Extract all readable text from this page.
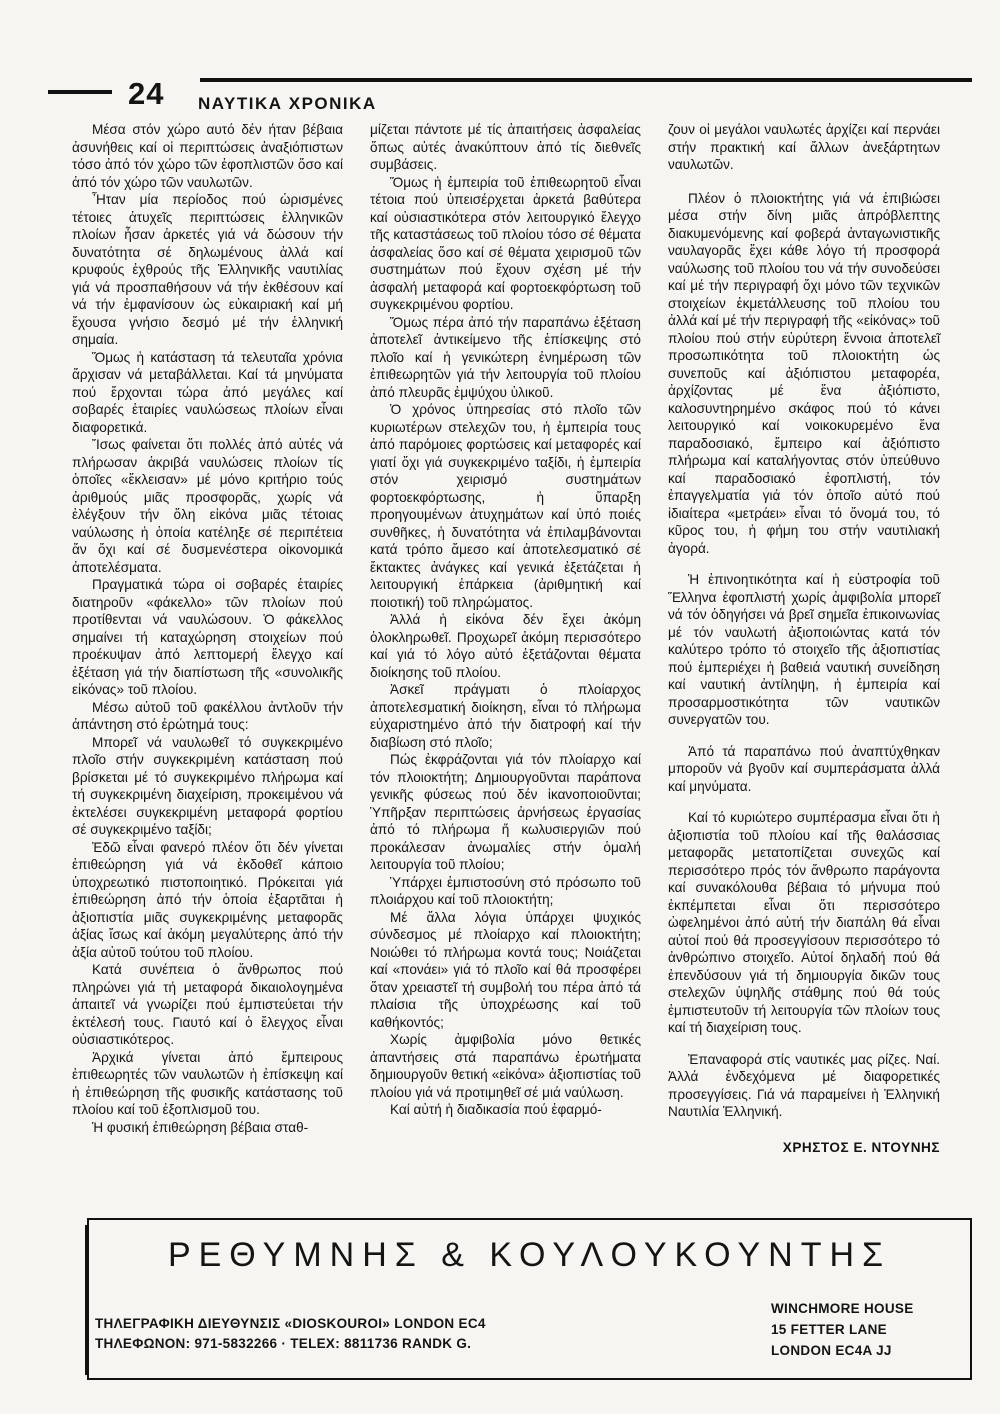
24 ΝΑΥΤΙΚΑ ΧΡΟΝΙΚΑ

Μέσα στόν χώρο αυτό δέν ήταν βέβαια ἀσυνήθεις καί οἱ περιπτώσεις ἀναξιόπιστων τόσο ἀπό τόν χώρο τῶν ἐφοπλιστῶν ὅσο καί ἀπό τόν χώρο τῶν ναυλωτῶν.

Ἦταν μία περίοδος πού ὡρισμένες τέτοιες ἀτυχεῖς περιπτώσεις ἑλληνικῶν πλοίων ἦσαν ἀρκετές γιά νά δώσουν τήν δυνατότητα σέ δηλωμένους ἀλλά καί κρυφούς ἐχθρούς τῆς Ἑλληνικῆς ναυτιλίας γιά νά προσπαθήσουν νά τήν ἐκθέσουν καί νά τήν ἐμφανίσουν ὡς εὐκαιριακή καί μή ἔχουσα γνήσιο δεσμό μέ τήν ἑλληνική σημαία.

Ὅμως ἡ κατάσταση τά τελευταῖα χρόνια ἄρχισαν νά μεταβάλλεται. Καί τά μηνύματα πού ἔρχονται τώρα ἀπό μεγάλες καί σοβαρές ἑταιρίες ναυλώσεως πλοίων εἶναι διαφορετικά.

Ἴσως φαίνεται ὅτι πολλές ἀπό αὐτές νά πλήρωσαν ἀκριβά ναυλώσεις πλοίων τίς ὁποῖες «ἔκλεισαν» μέ μόνο κριτήριο τούς ἀριθμούς μιᾶς προσφορᾶς, χωρίς νά ἐλέγξουν τήν ὅλη εἰκόνα μιᾶς τέτοιας ναύλωσης ἡ ὁποία κατέληξε σέ περιπέτεια ἄν ὄχι καί σέ δυσμενέστερα οἰκονομικά ἀποτελέσματα.

Πραγματικά τώρα οἱ σοβαρές ἑταιρίες διατηροῦν «φάκελλο» τῶν πλοίων πού προτίθενται νά ναυλώσουν. Ὁ φάκελλος σημαίνει τή καταχώρηση στοιχείων πού προέκυψαν ἀπό λεπτομερή ἔλεγχο καί ἐξέταση γιά τήν διαπίστωση τῆς «συνολικῆς εἰκόνας» τοῦ πλοίου.

Μέσω αὐτοῦ τοῦ φακέλλου ἀντλοῦν τήν ἀπάντηση στό ἐρώτημά τους:

Μπορεῖ νά ναυλωθεῖ τό συγκεκριμένο πλοῖο στήν συγκεκριμένη κατάσταση πού βρίσκεται μέ τό συγκεκριμένο πλήρωμα καί τή συγκεκριμένη διαχείριση, προκειμένου νά ἐκτελέσει συγκεκριμένη μεταφορά φορτίου σέ συγκεκριμένο ταξίδι;

Ἐδῶ εἶναι φανερό πλέον ὅτι δέν γίνεται ἐπιθεώρηση γιά νά ἐκδοθεῖ κάποιο ὑποχρεωτικό πιστοποιητικό. Πρόκειται γιά ἐπιθεώρηση ἀπό τήν ὁποία ἐξαρτᾶται ἡ ἀξιοπιστία μιᾶς συγκεκριμένης μεταφορᾶς ἀξίας ἴσως καί ἀκόμη μεγαλύτερης ἀπό τήν ἀξία αὐτοῦ τούτου τοῦ πλοίου.

Κατά συνέπεια ὁ ἄνθρωπος πού πληρώνει γιά τή μεταφορά δικαιολογημένα ἀπαιτεῖ νά γνωρίζει πού ἐμπιστεύεται τήν ἐκτέλεσή τους. Γιαυτό καί ὁ ἔλεγχος εἶναι οὐσιαστικότερος.

Ἀρχικά γίνεται ἀπό ἔμπειρους ἐπιθεωρητές τῶν ναυλωτῶν ἡ ἐπίσκεψη καί ἡ ἐπιθεώρηση τῆς φυσικῆς κατάστασης τοῦ πλοίου καί τοῦ ἐξοπλισμοῦ του.

Ἡ φυσική ἐπιθεώρηση βέβαια σταθ-

μίζεται πάντοτε μέ τίς ἀπαιτήσεις ἀσφαλείας ὅπως αὐτές ἀνακύπτουν ἀπό τίς διεθνεῖς συμβάσεις.

Ὅμως ἡ ἐμπειρία τοῦ ἐπιθεωρητοῦ εἶναι τέτοια πού ὑπεισέρχεται ἀρκετά βαθύτερα καί οὐσιαστικότερα στόν λειτουργικό ἔλεγχο τῆς καταστάσεως τοῦ πλοίου τόσο σέ θέματα ἀσφαλείας ὅσο καί σέ θέματα χειρισμοῦ τῶν συστημάτων πού ἔχουν σχέση μέ τήν ἀσφαλή μεταφορά καί φορτοεκφόρτωση τοῦ συγκεκριμένου φορτίου.

Ὅμως πέρα ἀπό τήν παραπάνω ἐξέταση ἀποτελεῖ ἀντικείμενο τῆς ἐπίσκεψης στό πλοῖο καί ἡ γενικώτερη ἐνημέρωση τῶν ἐπιθεωρητῶν γιά τήν λειτουργία τοῦ πλοίου ἀπό πλευρᾶς ἐμψύχου ὑλικοῦ.

Ὁ χρόνος ὑπηρεσίας στό πλοῖο τῶν κυριωτέρων στελεχῶν του, ἡ ἐμπειρία τους ἀπό παρόμοιες φορτώσεις καί μεταφορές καί γιατί ὄχι γιά συγκεκριμένο ταξίδι, ἡ ἐμπειρία στόν χειρισμό συστημάτων φορτοεκφόρτωσης, ἡ ὕπαρξη προηγουμένων ἀτυχημάτων καί ὑπό ποιές συνθῆκες, ἡ δυνατότητα νά ἐπιλαμβάνονται κατά τρόπο ἄμεσο καί ἀποτελεσματικό σέ ἔκτακτες ἀνάγκες καί γενικά ἐξετάζεται ἡ λειτουργική ἐπάρκεια (ἀριθμητική καί ποιοτική) τοῦ πληρώματος.

Ἀλλά ἡ εἰκόνα δέν ἔχει ἀκόμη ὁλοκληρωθεῖ. Προχωρεῖ ἀκόμη περισσότερο καί γιά τό λόγο αὐτό ἐξετάζονται θέματα διοίκησης τοῦ πλοίου.

Ἀσκεῖ πράγματι ὁ πλοίαρχος ἀποτελεσματική διοίκηση, εἶναι τό πλήρωμα εὐχαριστημένο ἀπό τήν διατροφή καί τήν διαβίωση στό πλοῖο;

Πώς ἐκφράζονται γιά τόν πλοίαρχο καί τόν πλοιοκτήτη; Δημιουργοῦνται παράπονα γενικῆς φύσεως πού δέν ἱκανοποιοῦνται; Ὑπῆρξαν περιπτώσεις ἀρνήσεως ἐργασίας ἀπό τό πλήρωμα ἤ κωλυσιεργιῶν πού προκάλεσαν ἀνωμαλίες στήν ὁμαλή λειτουργία τοῦ πλοίου;

Ὑπάρχει ἐμπιστοσύνη στό πρόσωπο τοῦ πλοιάρχου καί τοῦ πλοιοκτήτη;

Μέ ἄλλα λόγια ὑπάρχει ψυχικός σύνδεσμος μέ πλοίαρχο καί πλοιοκτήτη; Νοιώθει τό πλήρωμα κοντά τους; Νοιάζεται καί «πονάει» γιά τό πλοῖο καί θά προσφέρει ὅταν χρειαστεῖ τή συμβολή του πέρα ἀπό τά πλαίσια τῆς ὑποχρέωσης καί τοῦ καθήκοντός;

Χωρίς ἀμφιβολία μόνο θετικές ἀπαντήσεις στά παραπάνω ἐρωτήματα δημιουργοῦν θετική «εἰκόνα» ἀξιοπιστίας τοῦ πλοίου γιά νά προτιμηθεῖ σέ μιά ναύλωση.

Καί αὐτή ἡ διαδικασία πού ἐφαρμό-

ζουν οἱ μεγάλοι ναυλωτές ἀρχίζει καί περνάει στήν πρακτική καί ἄλλων ἀνεξάρτητων ναυλωτῶν.

Πλέον ὁ πλοιοκτήτης γιά νά ἐπιβιώσει μέσα στήν δίνη μιᾶς ἀπρόβλεπτης διακυμενόμενης καί φοβερά ἀνταγωνιστικῆς ναυλαγορᾶς ἔχει κάθε λόγο τή προσφορά ναύλωσης τοῦ πλοίου του νά τήν συνοδεύσει καί μέ τήν περιγραφή ὄχι μόνο τῶν τεχνικῶν στοιχείων ἐκμετάλλευσης τοῦ πλοίου του ἀλλά καί μέ τήν περιγραφή τῆς «εἰκόνας» τοῦ πλοίου πού στήν εὐρύτερη ἔννοια ἀποτελεῖ προσωπικότητα τοῦ πλοιοκτήτη ὡς συνεποῦς καί ἀξιόπιστου μεταφορέα, ἀρχίζοντας μέ ἕνα ἀξιόπιστο, καλοσυντηρημένο σκάφος πού τό κάνει λειτουργικό καί νοικοκυρεμένο ἕνα παραδοσιακό, ἔμπειρο καί ἀξιόπιστο πλήρωμα καί καταλήγοντας στόν ὑπεύθυνο καί παραδοσιακό ἐφοπλιστή, τόν ἐπαγγελματία γιά τόν ὁποῖο αὐτό πού ἰδιαίτερα «μετράει» εἶναι τό ὄνομά του, τό κῦρος του, ἡ φήμη του στήν ναυτιλιακή ἀγορά.

Ἡ ἐπινοητικότητα καί ἡ εὐστροφία τοῦ Ἕλληνα ἐφοπλιστή χωρίς ἀμφιβολία μπορεῖ νά τόν ὁδηγήσει νά βρεῖ σημεῖα ἐπικοινωνίας μέ τόν ναυλωτή ἀξιοποιώντας κατά τόν καλύτερο τρόπο τό στοιχεῖο τῆς ἀξιοπιστίας πού ἐμπεριέχει ἡ βαθειά ναυτική συνείδηση καί ναυτική ἀντίληψη, ἡ ἐμπειρία καί προσαρμοστικότητα τῶν ναυτικῶν συνεργατῶν του.

Ἀπό τά παραπάνω πού ἀναπτύχθηκαν μποροῦν νά βγοῦν καί συμπεράσματα ἀλλά καί μηνύματα.

Καί τό κυριώτερο συμπέρασμα εἶναι ὅτι ἡ ἀξιοπιστία τοῦ πλοίου καί τῆς θαλάσσιας μεταφορᾶς μετατοπίζεται συνεχῶς καί περισσότερο πρός τόν ἄνθρωπο παράγοντα καί συνακόλουθα βέβαια τό μήνυμα πού ἐκπέμπεται εἶναι ὅτι περισσότερο ὠφελημένοι ἀπό αὐτή τήν διαπάλη θά εἶναι αὐτοί πού θά προσεγγίσουν περισσότερο τό ἀνθρώπινο στοιχεῖο. Αὐτοί δηλαδή πού θά ἐπενδύσουν γιά τή δημιουργία δικῶν τους στελεχῶν ὑψηλῆς στάθμης πού θά τούς ἐμπιστευτοῦν τή λειτουργία τῶν πλοίων τους καί τή διαχείριση τους.

Ἐπαναφορά στίς ναυτικές μας ρίζες. Ναί. Ἀλλά ἐνδεχόμενα μέ διαφορετικές προσεγγίσεις. Γιά νά παραμείνει ἡ Ἑλληνική Ναυτιλία Ἑλληνική.

ΧΡΗΣΤΟΣ Ε. ΝΤΟΥΝΗΣ

ΡΕΘΥΜΝΗΣ & ΚΟΥΛΟΥΚΟΥΝΤΗΣ
ΤΗΛΕΓΡΑΦΙΚΗ ΔΙΕΥΘΥΝΣΙΣ «DIOSKOUROI» LONDON EC4
ΤΗΛΕΦΩΝΟΝ: 971-5832266 · TELEX: 8811736 RANDK G.
WINCHMORE HOUSE
15 FETTER LANE
LONDON EC4A JJ
